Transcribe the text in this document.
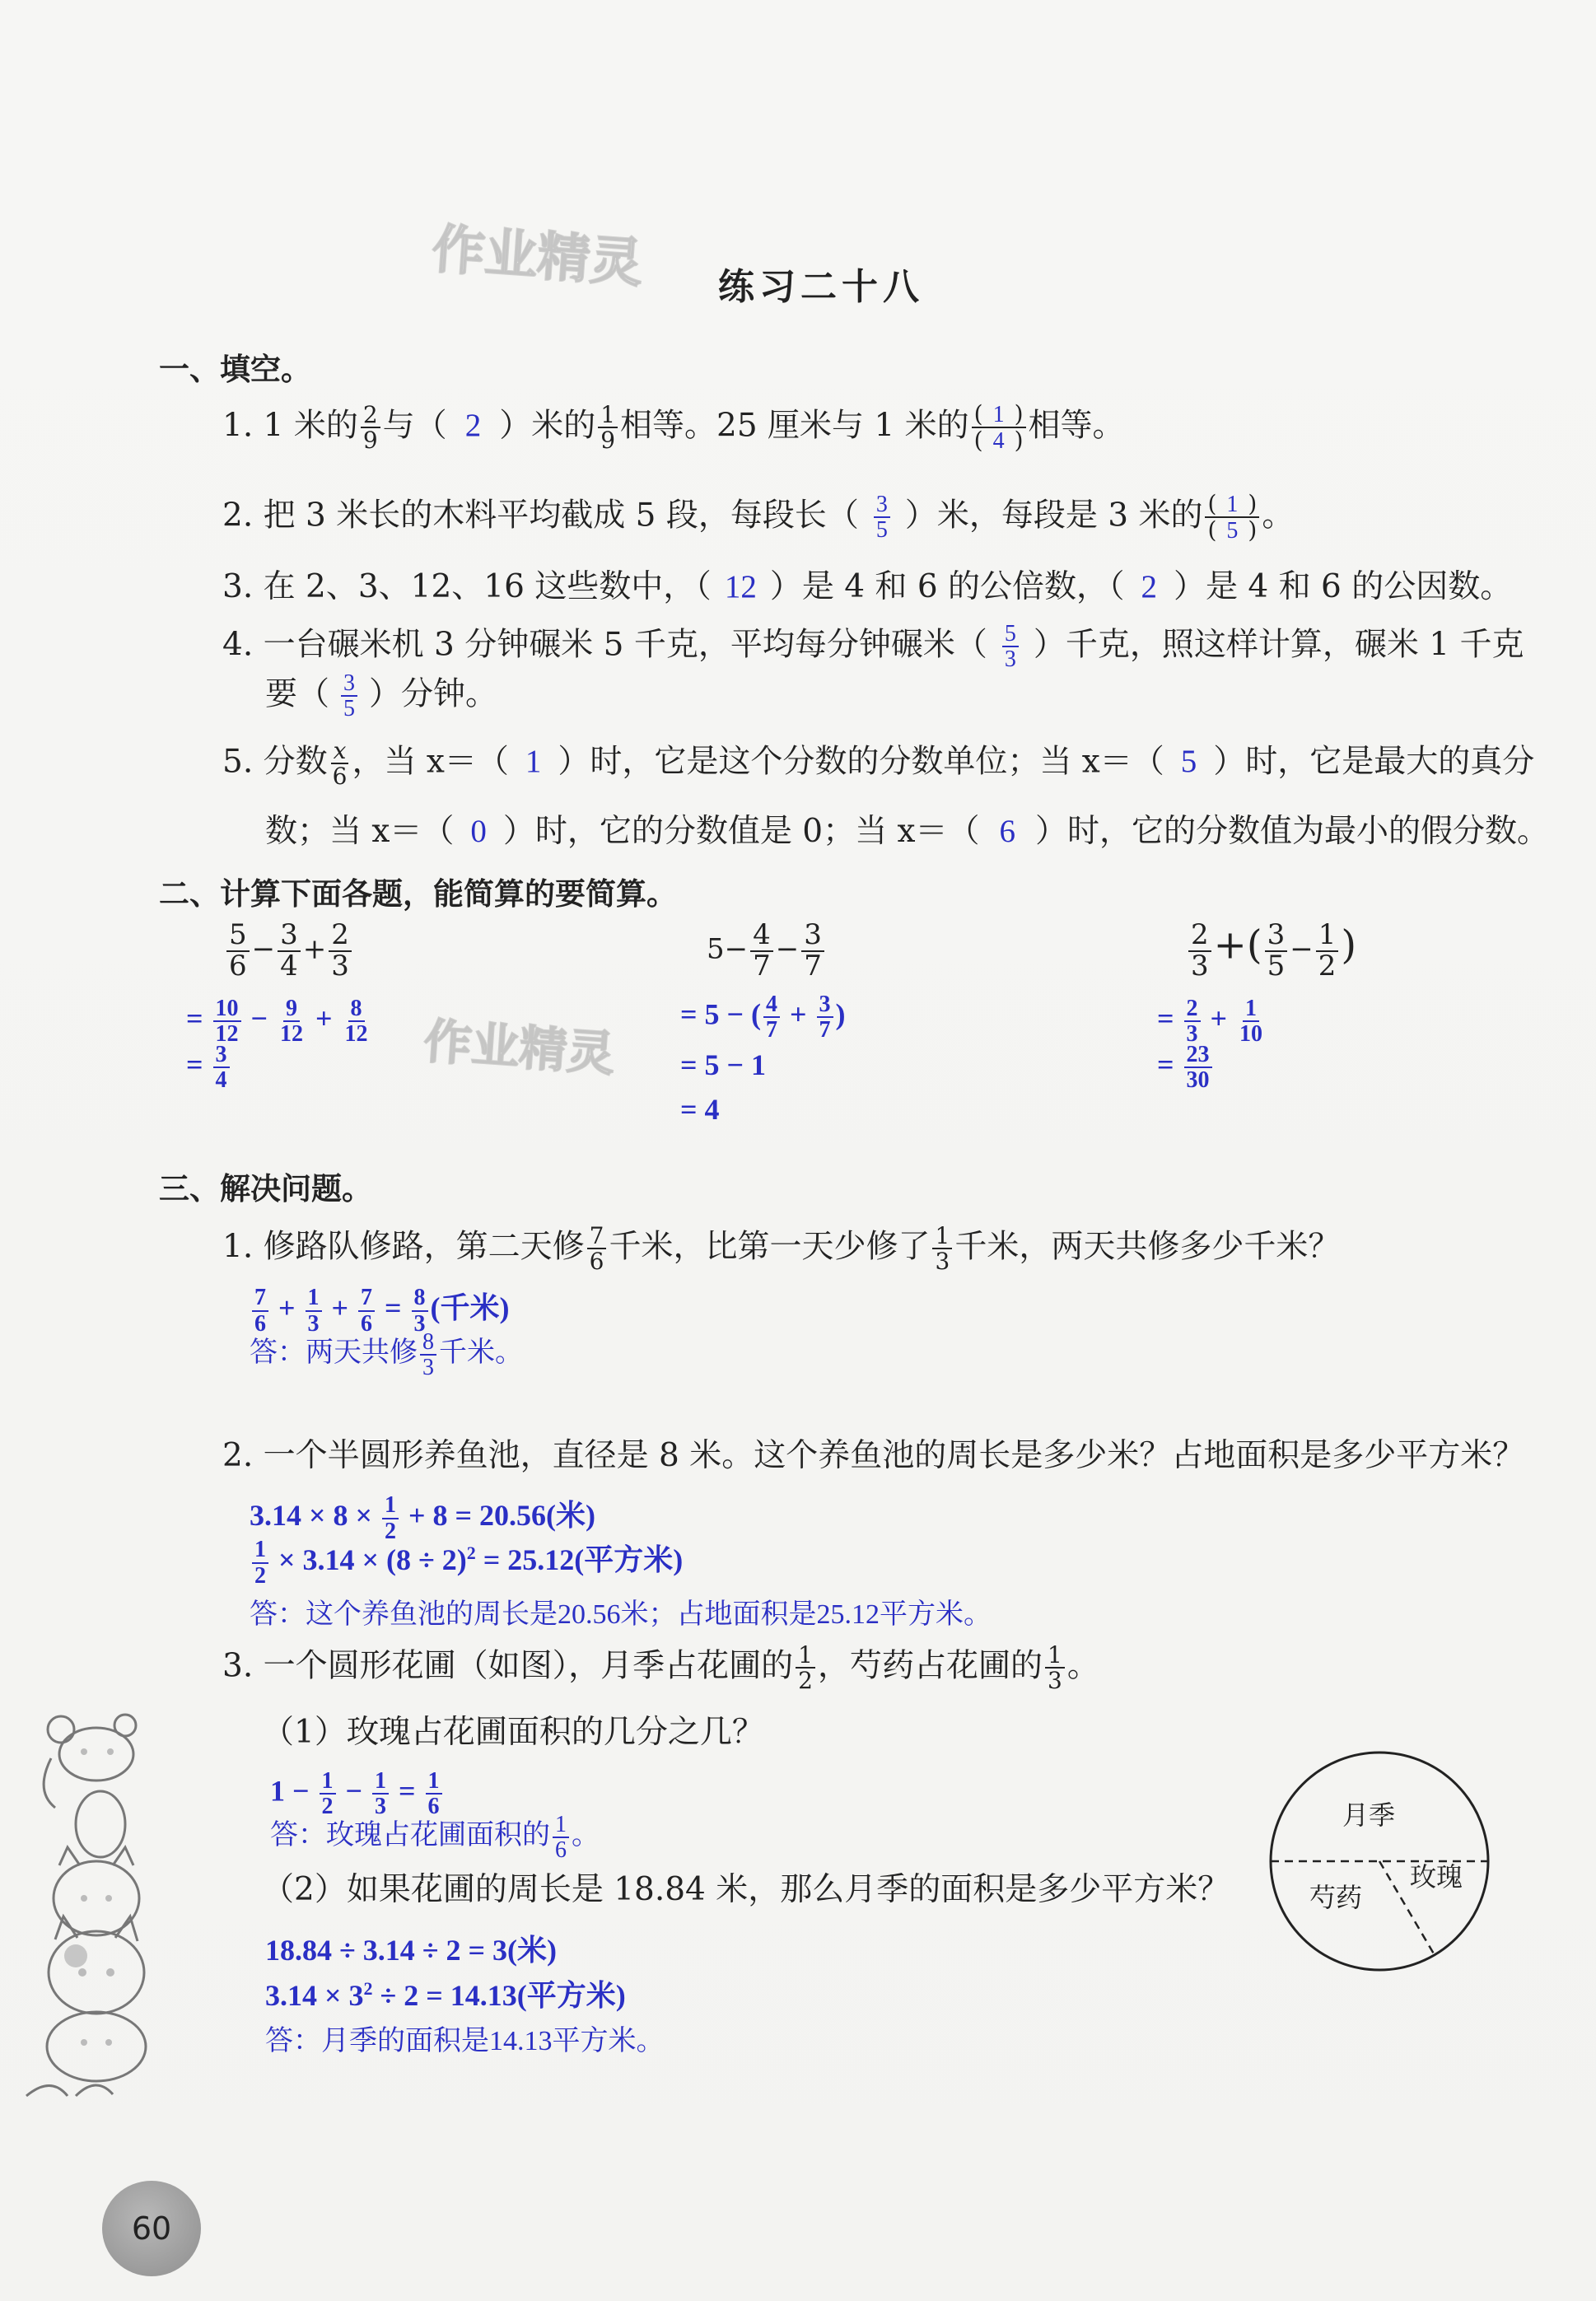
作业精灵
作业精灵
练习二十八
一、填空。
1. 1 米的 $\frac{2}{9}$ 与（ 2 ）米的 $\frac{1}{9}$ 相等。25 厘米与 1 米的 $\frac{( 1 )}{( 4 )}$ 相等。
2. 把 3 米长的木料平均截成 5 段，每段长（ $\frac{3}{5}$ ）米，每段是 3 米的 $\frac{( 1 )}{( 5 )}$ 。
3. 在 2、3、12、16 这些数中，（ 12 ）是 4 和 6 的公倍数，（ 2 ）是 4 和 6 的公因数。
4. 一台碾米机 3 分钟碾米 5 千克，平均每分钟碾米（ $\frac{5}{3}$ ）千克，照这样计算，碾米 1 千克
要（ $\frac{3}{5}$ ）分钟。
5. 分数 $\frac{x}{6}$ ，当 x＝（ 1 ）时，它是这个分数的分数单位；当 x＝（ 5 ）时，它是最大的真分
数；当 x＝（ 0 ）时，它的分数值是 0；当 x＝（ 6 ）时，它的分数值为最小的假分数。
二、计算下面各题，能简算的要简算。
$\frac{5}{6} - \frac{3}{4} + \frac{2}{3}$
= $\frac{10}{12} - \frac{9}{12} + \frac{8}{12}$
= $\frac{3}{4}$
$5- \frac{4}{7} - \frac{3}{7}$
= 5 − ( $\frac{4}{7} + \frac{3}{7}$ )
= 5 − 1
= 4
$\frac{2}{3}$ +( $\frac{3}{5} - \frac{1}{2}$ )
= $\frac{2}{3} + \frac{1}{10}$
= $\frac{23}{30}$
三、解决问题。
1. 修路队修路，第二天修 $\frac{7}{6}$ 千米，比第一天少修了 $\frac{1}{3}$ 千米，两天共修多少千米？
$\frac{7}{6} + \frac{1}{3} + \frac{7}{6} = \frac{8}{3}$ (千米)
答：两天共修 $\frac{8}{3}$ 千米。
2. 一个半圆形养鱼池，直径是 8 米。这个养鱼池的周长是多少米？占地面积是多少平方米？
$3.14 \times 8 \times \frac{1}{2} + 8 = 20.56$(米)
$\frac{1}{2} \times 3.14 \times (8 \div 2)^2 = 25.12$(平方米)
答：这个养鱼池的周长是20.56米；占地面积是25.12平方米。
3. 一个圆形花圃（如图），月季占花圃的 $\frac{1}{2}$ ，芍药占花圃的 $\frac{1}{3}$ 。
（1）玫瑰占花圃面积的几分之几？
$1 - \frac{1}{2} - \frac{1}{3} = \frac{1}{6}$
答：玫瑰占花圃面积的 $\frac{1}{6}$ 。
（2）如果花圃的周长是 18.84 米，那么月季的面积是多少平方米？
18.84 ÷ 3.14 ÷ 2 = 3(米)
$3.14 \times 3^2 \div 2 = 14.13$(平方米)
答：月季的面积是14.13平方米。
月季
芍药
玫瑰
60
